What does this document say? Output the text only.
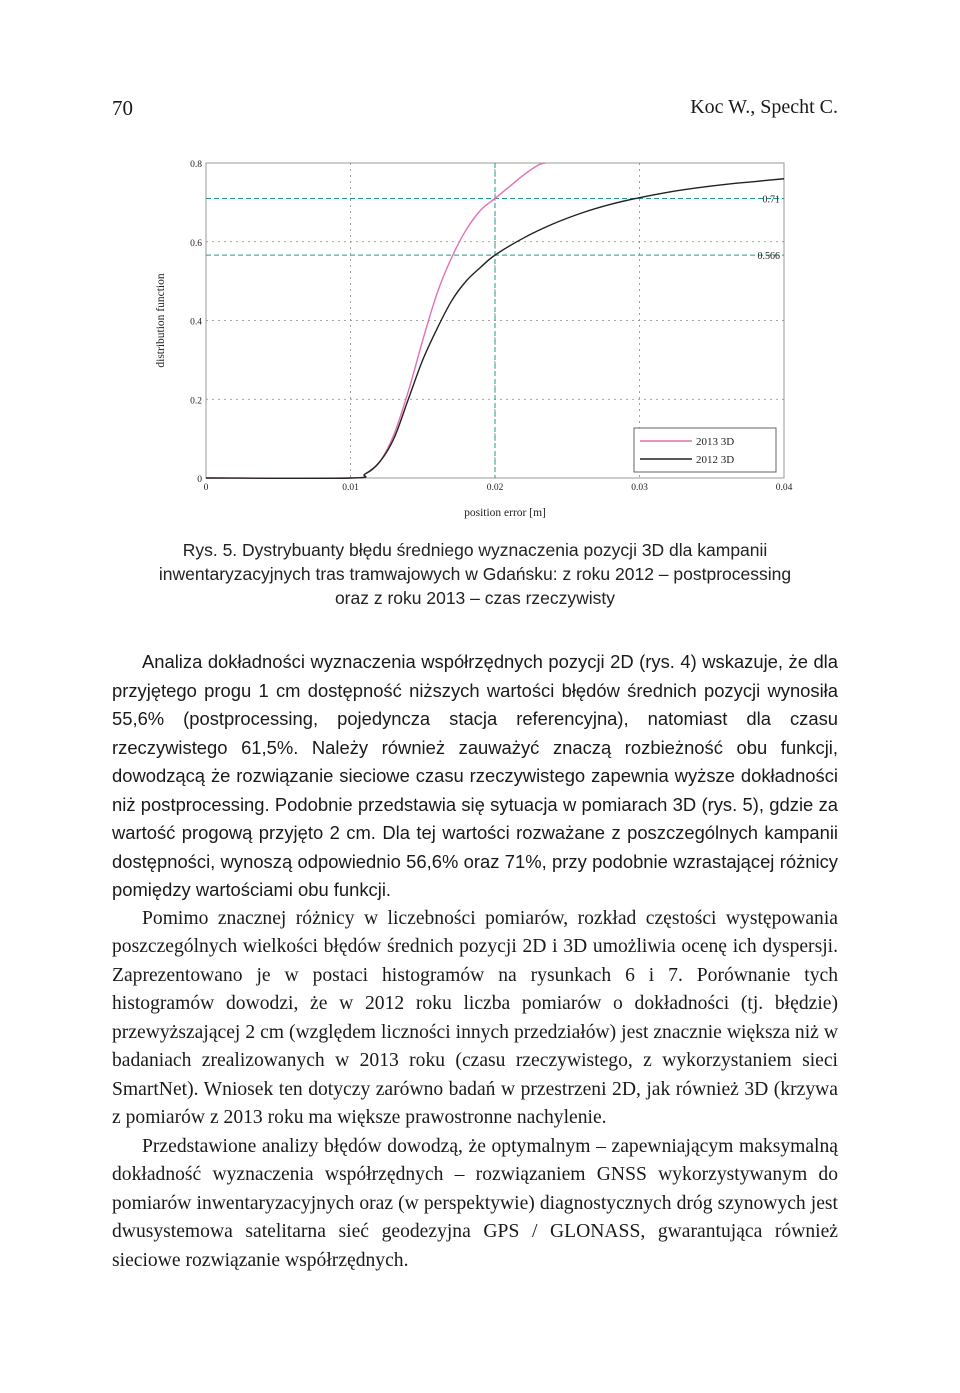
70	Koc W., Specht C.
0.71
0.566
0	0.01	0.02	0.03	0.04
0
0.2
0.4
0.6
0.8
position error [m]
distribution function
2013 3D
2012 3D

Rys. 5. Dystrybuanty błędu średniego wyznaczenia pozycji 3D dla kampanii

inwentaryzacyjnych tras tramwajowych w Gdańsku: z roku 2012 – postprocessing

oraz z roku 2013 – czas rzeczywisty

Analiza dokładności wyznaczenia współrzędnych pozycji 2D (rys. 4) wskazuje, że dla przyjętego progu 1 cm dostępność niższych wartości błędów średnich pozycji wynosiła 55,6% (postprocessing, pojedyncza stacja referencyjna), natomiast dla czasu rzeczywistego 61,5%. Należy również zauważyć znaczą rozbieżność obu funkcji, dowodzącą że rozwiązanie sieciowe czasu rzeczywistego zapewnia wyższe dokładności niż postprocessing. Podobnie przedstawia się sytuacja w pomiarach 3D (rys. 5), gdzie za wartość progową przyjęto 2 cm. Dla tej wartości rozważane z poszczególnych kampanii dostępności, wynoszą odpowiednio 56,6% oraz 71%, przy podobnie wzrastającej różnicy pomiędzy wartościami obu funkcji.

Pomimo znacznej różnicy w liczebności pomiarów, rozkład częstości występowania poszczególnych wielkości błędów średnich pozycji 2D i 3D umożliwia ocenę ich dyspersji. Zaprezentowano je w postaci histogramów na rysunkach 6 i 7. Porównanie tych histogramów dowodzi, że w 2012 roku liczba pomiarów o dokładności (tj. błędzie) przewyższającej 2 cm (względem liczności innych przedziałów) jest znacznie większa niż w badaniach zrealizowanych w 2013 roku (czasu rzeczywistego, z wykorzystaniem sieci SmartNet). Wniosek ten dotyczy zarówno badań w przestrzeni 2D, jak również 3D (krzywa z pomiarów z 2013 roku ma większe prawostronne nachylenie.

Przedstawione analizy błędów dowodzą, że optymalnym – zapewniającym maksymalną dokładność wyznaczenia współrzędnych – rozwiązaniem GNSS wykorzystywanym do pomiarów inwentaryzacyjnych oraz (w perspektywie) diagnostycznych dróg szynowych jest dwusystemowa satelitarna sieć geodezyjna GPS / GLONASS, gwarantująca również sieciowe rozwiązanie współrzędnych.
